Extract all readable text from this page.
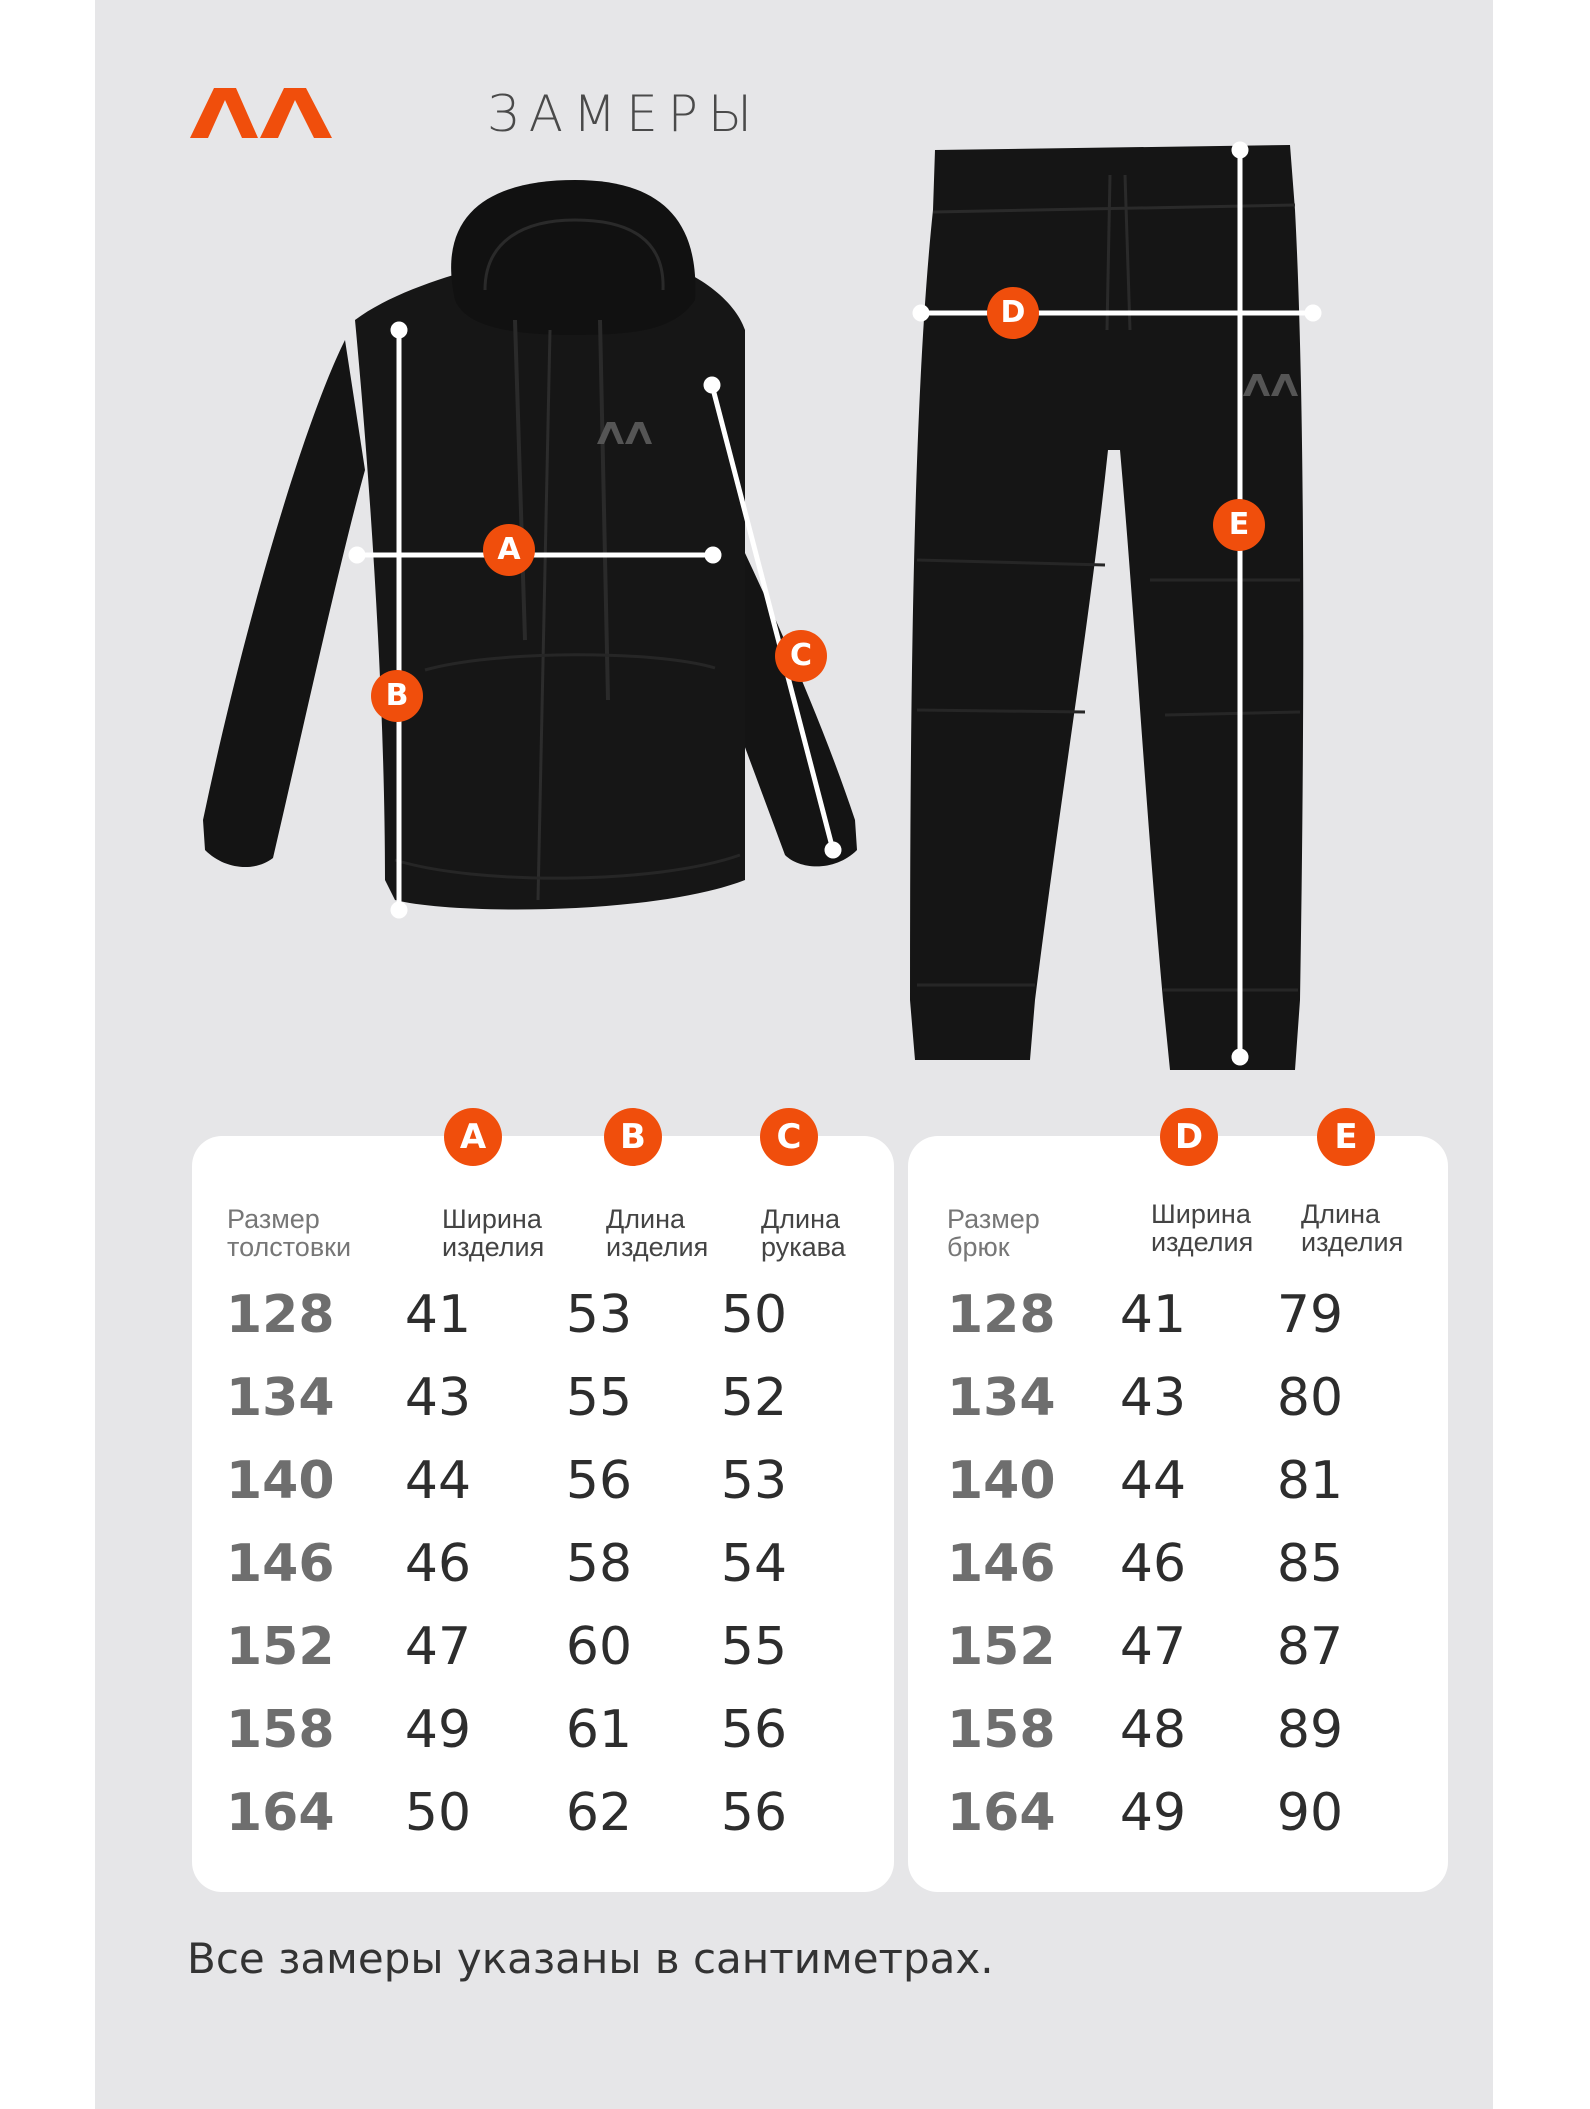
ЗАМЕРЫ
A
B
C
D
E
A	B	C
Размер
толстовки
Ширина
изделия
Длина
изделия
Длина
рукава
D	E
Размер
брюк
Ширина
изделия
Длина
изделия
Все замеры указаны в сантиметрах.
128	41	53	50
134	43	55	52
140	44	56	53
146	46	58	54
152	47	60	55
158	49	61	56
164	50	62	56
128	41	79
134	43	80
140	44	81
146	46	85
152	47	87
158	48	89
164	49	90
